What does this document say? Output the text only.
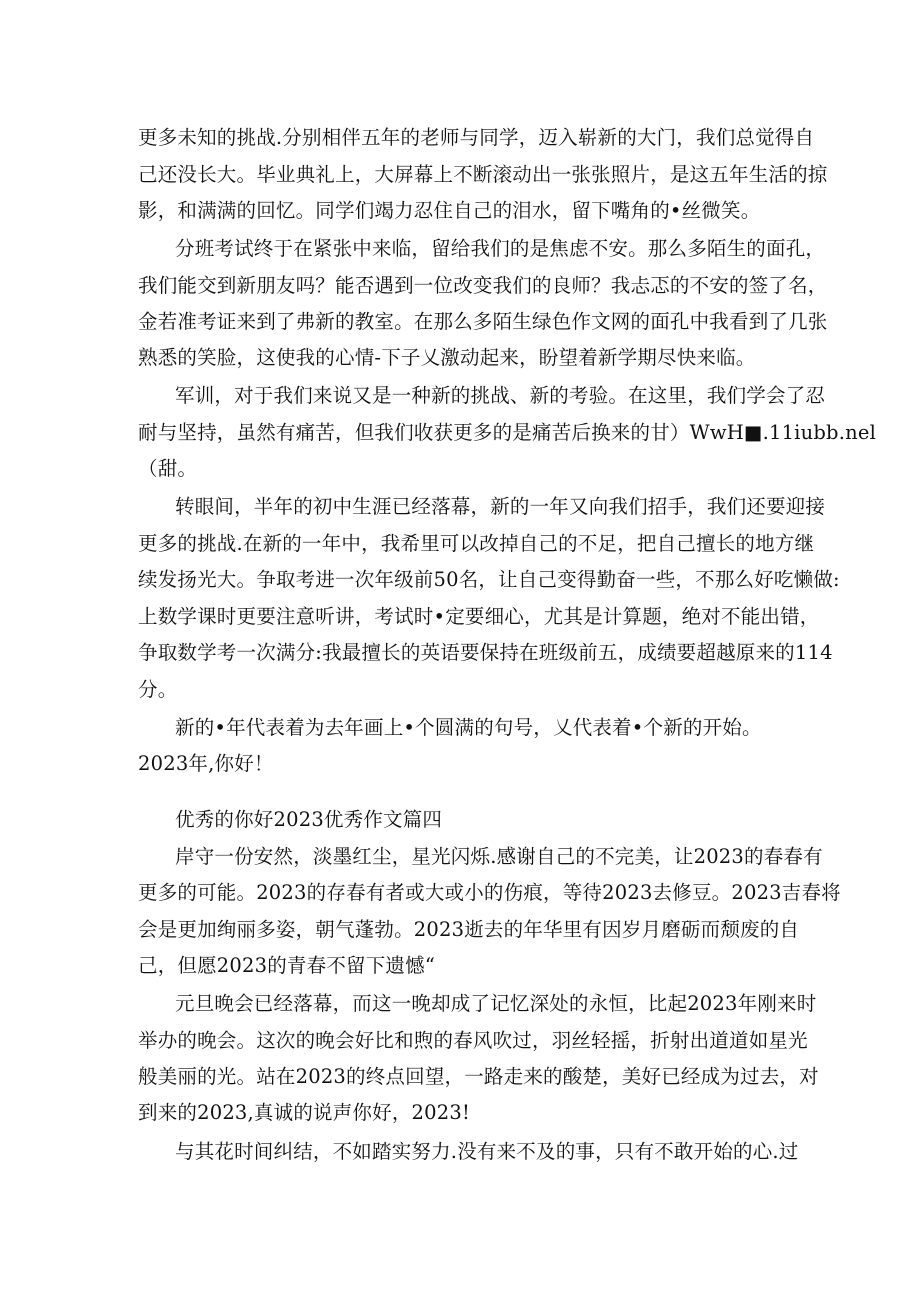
更多未知的挑战.分别相伴五年的老师与同学，迈入崭新的大门，我们总觉得自
己还没长大。毕业典礼上，大屏幕上不断滚动出一张张照片，是这五年生活的掠
影，和满满的回忆。同学们竭力忍住自己的泪水，留下嘴角的•丝微笑。
分班考试终于在紧张中来临，留给我们的是焦虑不安。那么多陌生的面孔，
我们能交到新朋友吗？能否遇到一位改变我们的良师？我忐忑的不安的签了名，
金若准考证来到了弗新的教室。在那么多陌生绿色作文网的面孔中我看到了几张
熟悉的笑脸，这使我的心情-下子乂激动起来，盼望着新学期尽快来临。
军训，对于我们来说又是一种新的挑战、新的考验。在这里，我们学会了忍
耐与坚持，虽然有痛苦，但我们收获更多的是痛苦后换来的甘）WwH■.11iubb.nel
（甜。
转眼间，半年的初中生涯已经落幕，新的一年又向我们招手，我们还要迎接
更多的挑战.在新的一年中，我希里可以改掉自己的不足，把自己擅长的地方继
续发扬光大。争取考进一次年级前50名，让自己变得勤奋一些，不那么好吃懒做:
上数学课时更要注意听讲，考试时•定要细心，尤其是计算题，绝对不能出错，
争取数学考一次满分:我最擅长的英语要保持在班级前五，成绩要超越原来的114
分。
新的•年代表着为去年画上•个圆满的句号，乂代表着•个新的开始。
2023年,你好！
优秀的你好2023优秀作文篇四
岸守一份安然，淡墨红尘，星光闪烁.感谢自己的不完美，让2023的春春有
更多的可能。2023的存春有者或大或小的伤痕，等待2023去修豆。2023吉春将
会是更加绚丽多姿，朝气蓬勃。2023逝去的年华里有因岁月磨砺而颓废的自
己，但愿2023的青春不留下遗憾“
元旦晚会已经落幕，而这一晚却成了记忆深处的永恒，比起2023年刚来时
举办的晚会。这次的晚会好比和煦的春风吹过，羽丝轻摇，折射出道道如星光
般美丽的光。站在2023的终点回望，一路走来的酸楚，美好已经成为过去，对
到来的2023,真诚的说声你好，2023!
与其花时间纠结，不如踏实努力.没有来不及的事，只有不敢开始的心.过
